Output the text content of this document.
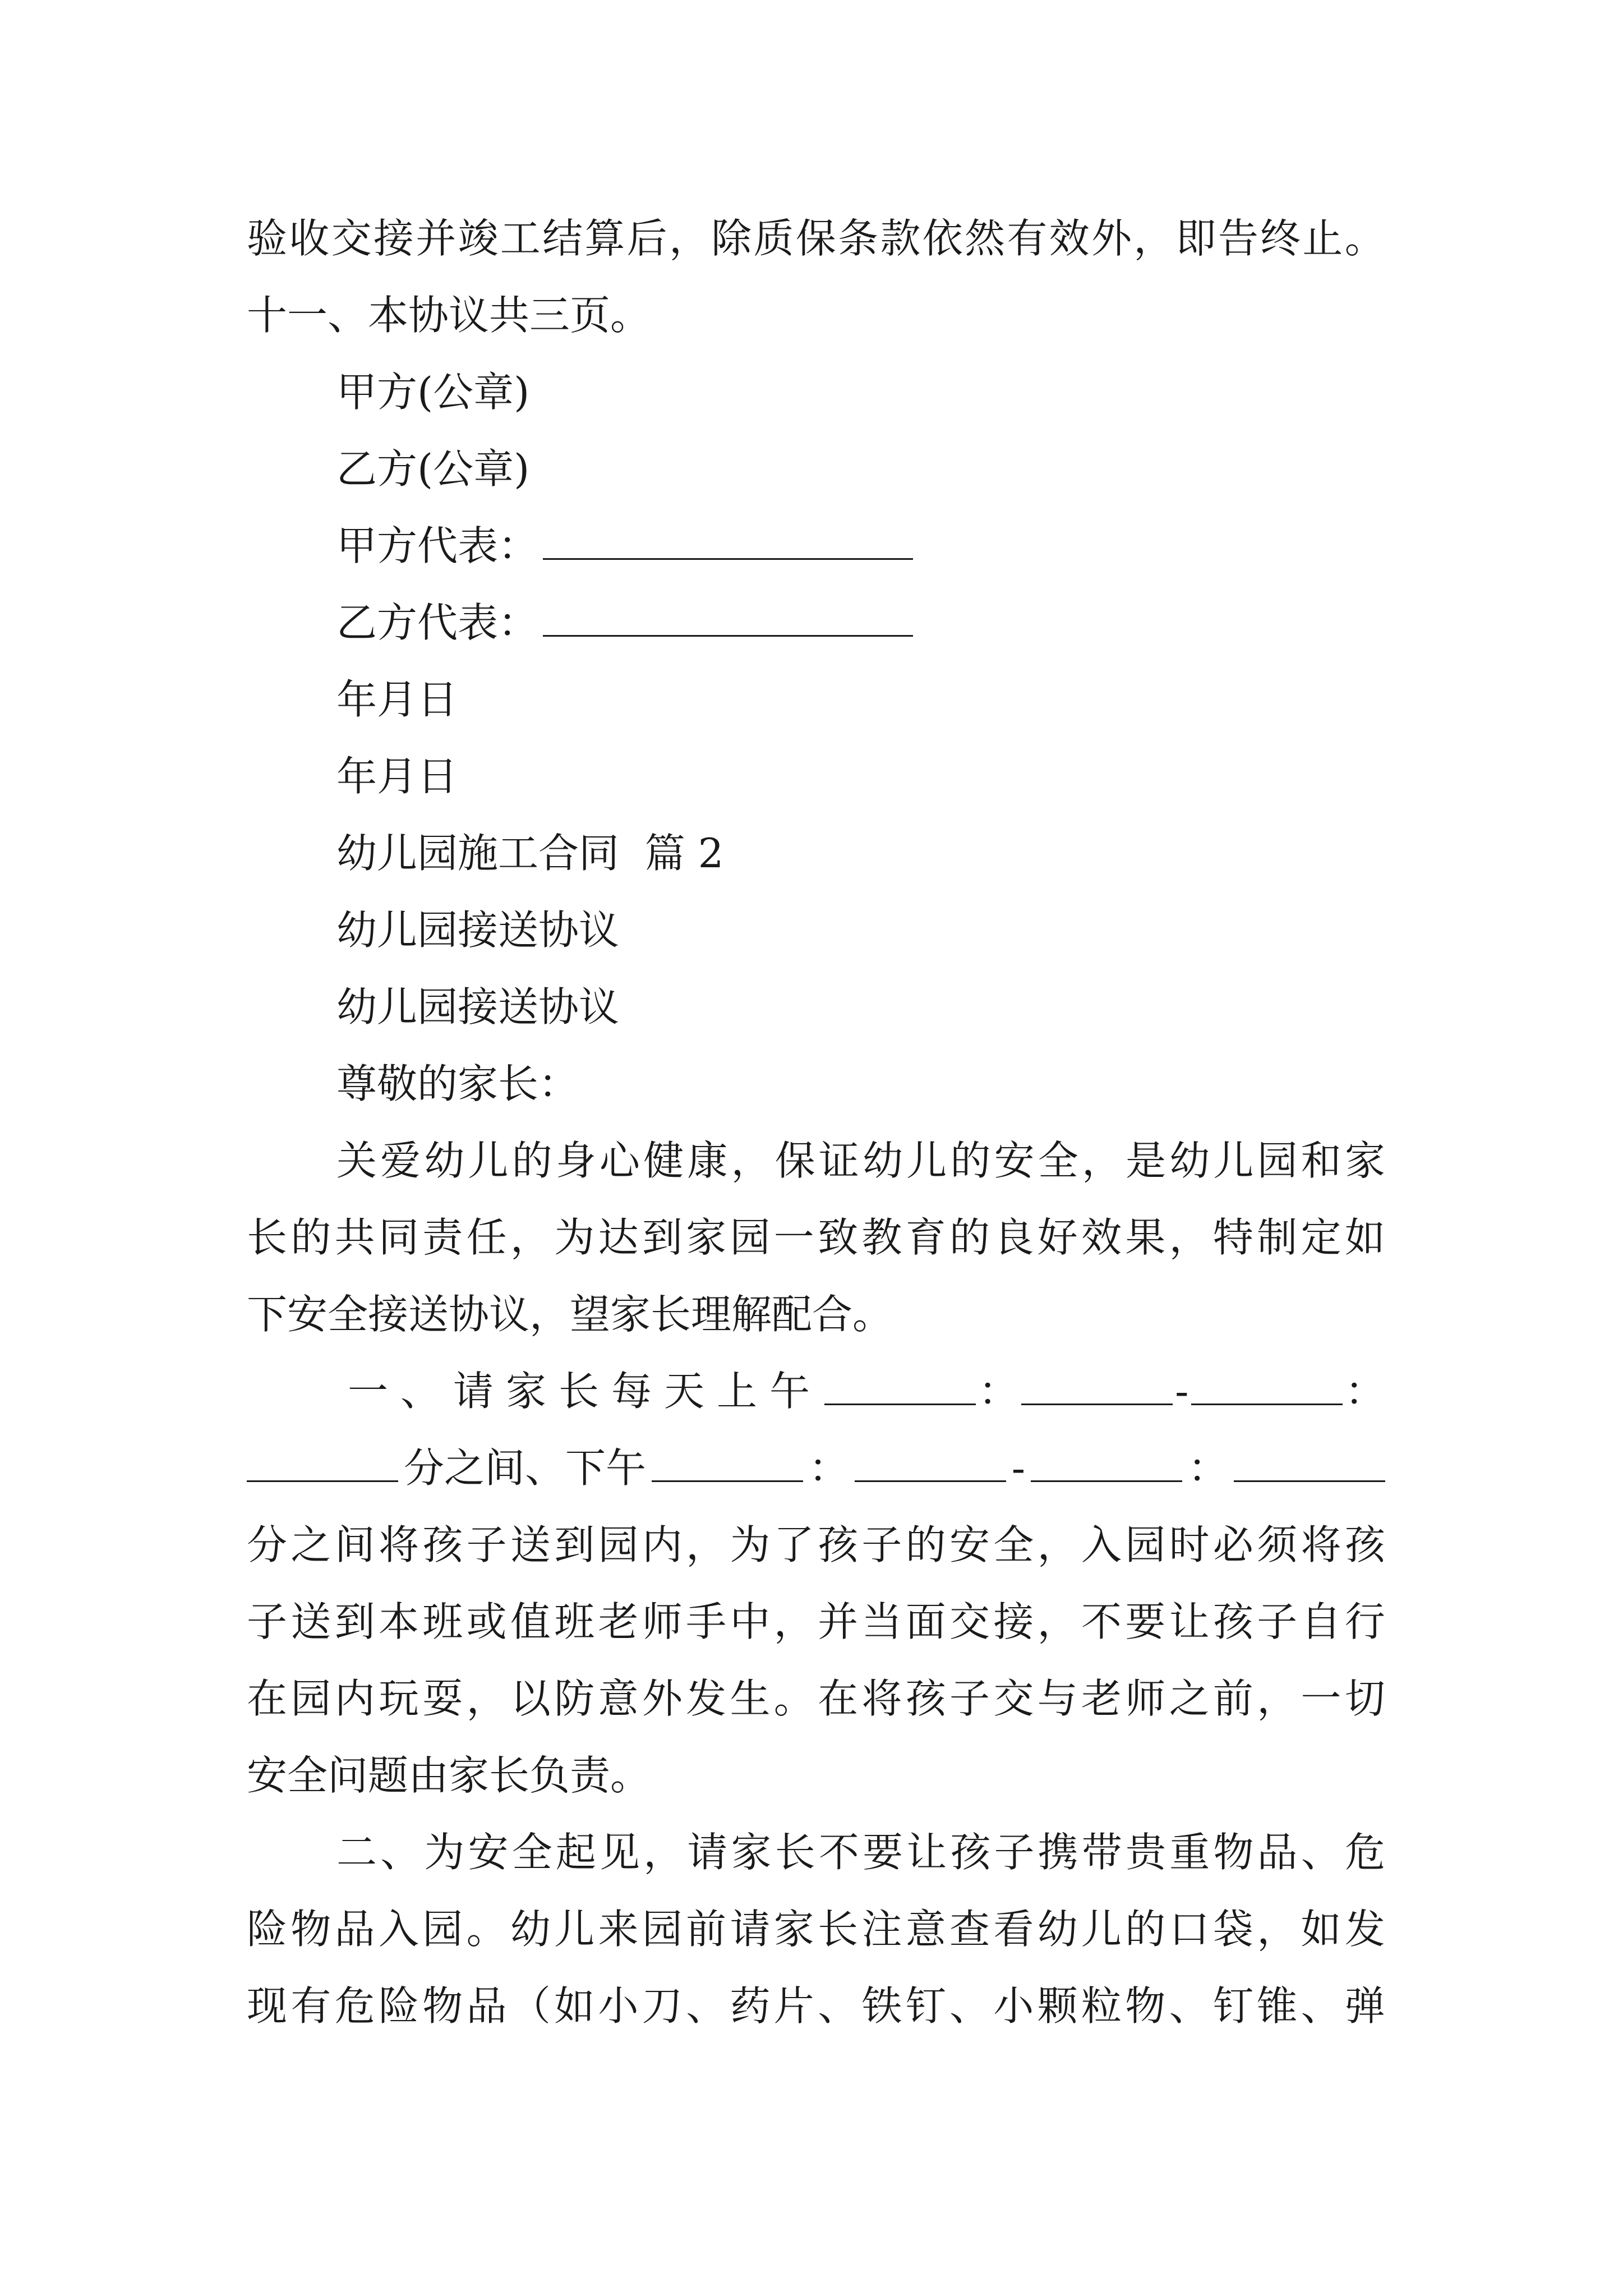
验 收 交 接 并 竣 工 结 算 后 ， 除 质 保 条 款 依 然 有 效 外 ， 即 告 终 止 。
十一、本协议共三页。
甲方(公章)
乙方(公章)
甲方代表：
乙方代表：
年月日
年月日
幼儿园施工合同  篇 2
幼儿园接送协议
幼儿园接送协议
尊敬的家长：
关 爱 幼 儿 的 身 心 健 康 ， 保 证 幼 儿 的 安 全 ， 是 幼 儿 园 和 家
长 的 共 同 责 任 ， 为 达 到 家 园 一 致 教 育 的 良 好 效 果 ， 特 制 定 如
下安全接送协议，望家长理解配合。
一、请家长每天上午	：	-	：
分之间、下午	：	-	：
分 之 间 将 孩 子 送 到 园 内 ， 为 了 孩 子 的 安 全 ， 入 园 时 必 须 将 孩
子 送 到 本 班 或 值 班 老 师 手 中 ， 并 当 面 交 接 ， 不 要 让 孩 子 自 行
在 园 内 玩 耍 ， 以 防 意 外 发 生 。 在 将 孩 子 交 与 老 师 之 前 ， 一 切
安全问题由家长负责。
二 、 为 安 全 起 见 ， 请 家 长 不 要 让 孩 子 携 带 贵 重 物 品 、 危
险 物 品 入 园 。 幼 儿 来 园 前 请 家 长 注 意 查 看 幼 儿 的 口 袋 ， 如 发
现 有 危 险 物 品 （ 如 小 刀 、 药 片 、 铁 钉 、 小 颗 粒 物 、 钉 锥 、 弹
